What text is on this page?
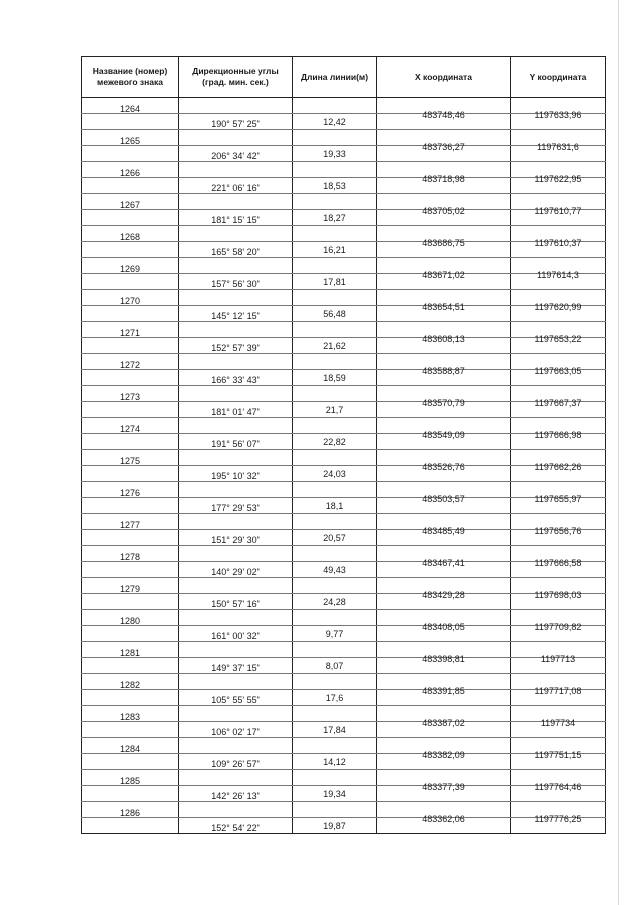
Название (номер) межевого знака	Дирекционные углы (град. мин. сек.)	Длина линии(м)	X координата	Y координата
1264			483748,46	1197633,96
	190° 57' 25"	12,42		
1265			483736,27	1197631,6
	206° 34' 42"	19,33		
1266			483718,98	1197622,95
	221° 06' 16"	18,53		
1267			483705,02	1197610,77
	181° 15' 15"	18,27		
1268			483686,75	1197610,37
	165° 58' 20"	16,21		
1269			483671,02	1197614,3
	157° 56' 30"	17,81		
1270			483654,51	1197620,99
	145° 12' 15"	56,48		
1271			483608,13	1197653,22
	152° 57' 39"	21,62		
1272			483588,87	1197663,05
	166° 33' 43"	18,59		
1273			483570,79	1197667,37
	181° 01' 47"	21,7		
1274			483549,09	1197666,98
	191° 56' 07"	22,82		
1275			483526,76	1197662,26
	195° 10' 32"	24,03		
1276			483503,57	1197655,97
	177° 29' 53"	18,1		
1277			483485,49	1197656,76
	151° 29' 30"	20,57		
1278			483467,41	1197666,58
	140° 29' 02"	49,43		
1279			483429,28	1197698,03
	150° 57' 16"	24,28		
1280			483408,05	1197709,82
	161° 00' 32"	9,77		
1281			483398,81	1197713
	149° 37' 15"	8,07		
1282			483391,85	1197717,08
	105° 55' 55"	17,6		
1283			483387,02	1197734
	106° 02' 17"	17,84		
1284			483382,09	1197751,15
	109° 26' 57"	14,12		
1285			483377,39	1197764,46
	142° 26' 13"	19,34		
1286			483362,06	1197776,25
	152° 54' 22"	19,87		
